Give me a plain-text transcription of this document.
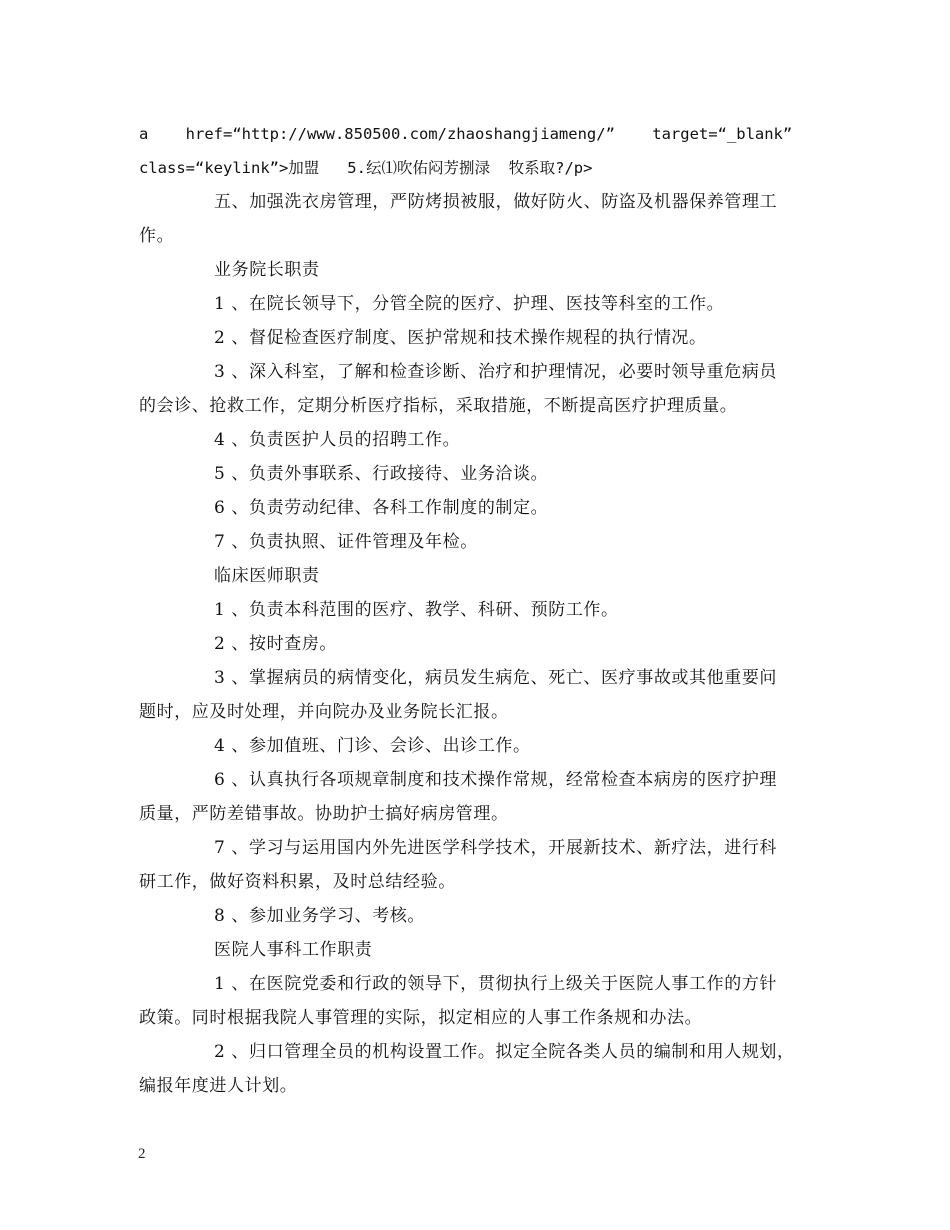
a    href=“http://www.850500.com/zhaoshangjiameng/”    target=“_blank”
class=“keylink”>加盟   5.纭⑴吹佑闷芳捌渌  牧系取?/p>
五、加强洗衣房管理，严防烤损被服，做好防火、防盗及机器保养管理工
作。
业务院长职责
1 、在院长领导下，分管全院的医疗、护理、医技等科室的工作。
2 、督促检查医疗制度、医护常规和技术操作规程的执行情况。
3 、深入科室，了解和检查诊断、治疗和护理情况，必要时领导重危病员
的会诊、抢救工作，定期分析医疗指标，采取措施，不断提高医疗护理质量。
4 、负责医护人员的招聘工作。
5 、负责外事联系、行政接待、业务洽谈。
6 、负责劳动纪律、各科工作制度的制定。
7 、负责执照、证件管理及年检。
临床医师职责
1 、负责本科范围的医疗、教学、科研、预防工作。
2 、按时查房。
3 、掌握病员的病情变化，病员发生病危、死亡、医疗事故或其他重要问
题时，应及时处理，并向院办及业务院长汇报。
4 、参加值班、门诊、会诊、出诊工作。
6 、认真执行各项规章制度和技术操作常规，经常检查本病房的医疗护理
质量，严防差错事故。协助护士搞好病房管理。
7 、学习与运用国内外先进医学科学技术，开展新技术、新疗法，进行科
研工作，做好资料积累，及时总结经验。
8 、参加业务学习、考核。
医院人事科工作职责
1 、在医院党委和行政的领导下，贯彻执行上级关于医院人事工作的方针
政策。同时根据我院人事管理的实际，拟定相应的人事工作条规和办法。
2 、归口管理全员的机构设置工作。拟定全院各类人员的编制和用人规划，
编报年度进人计划。
2
